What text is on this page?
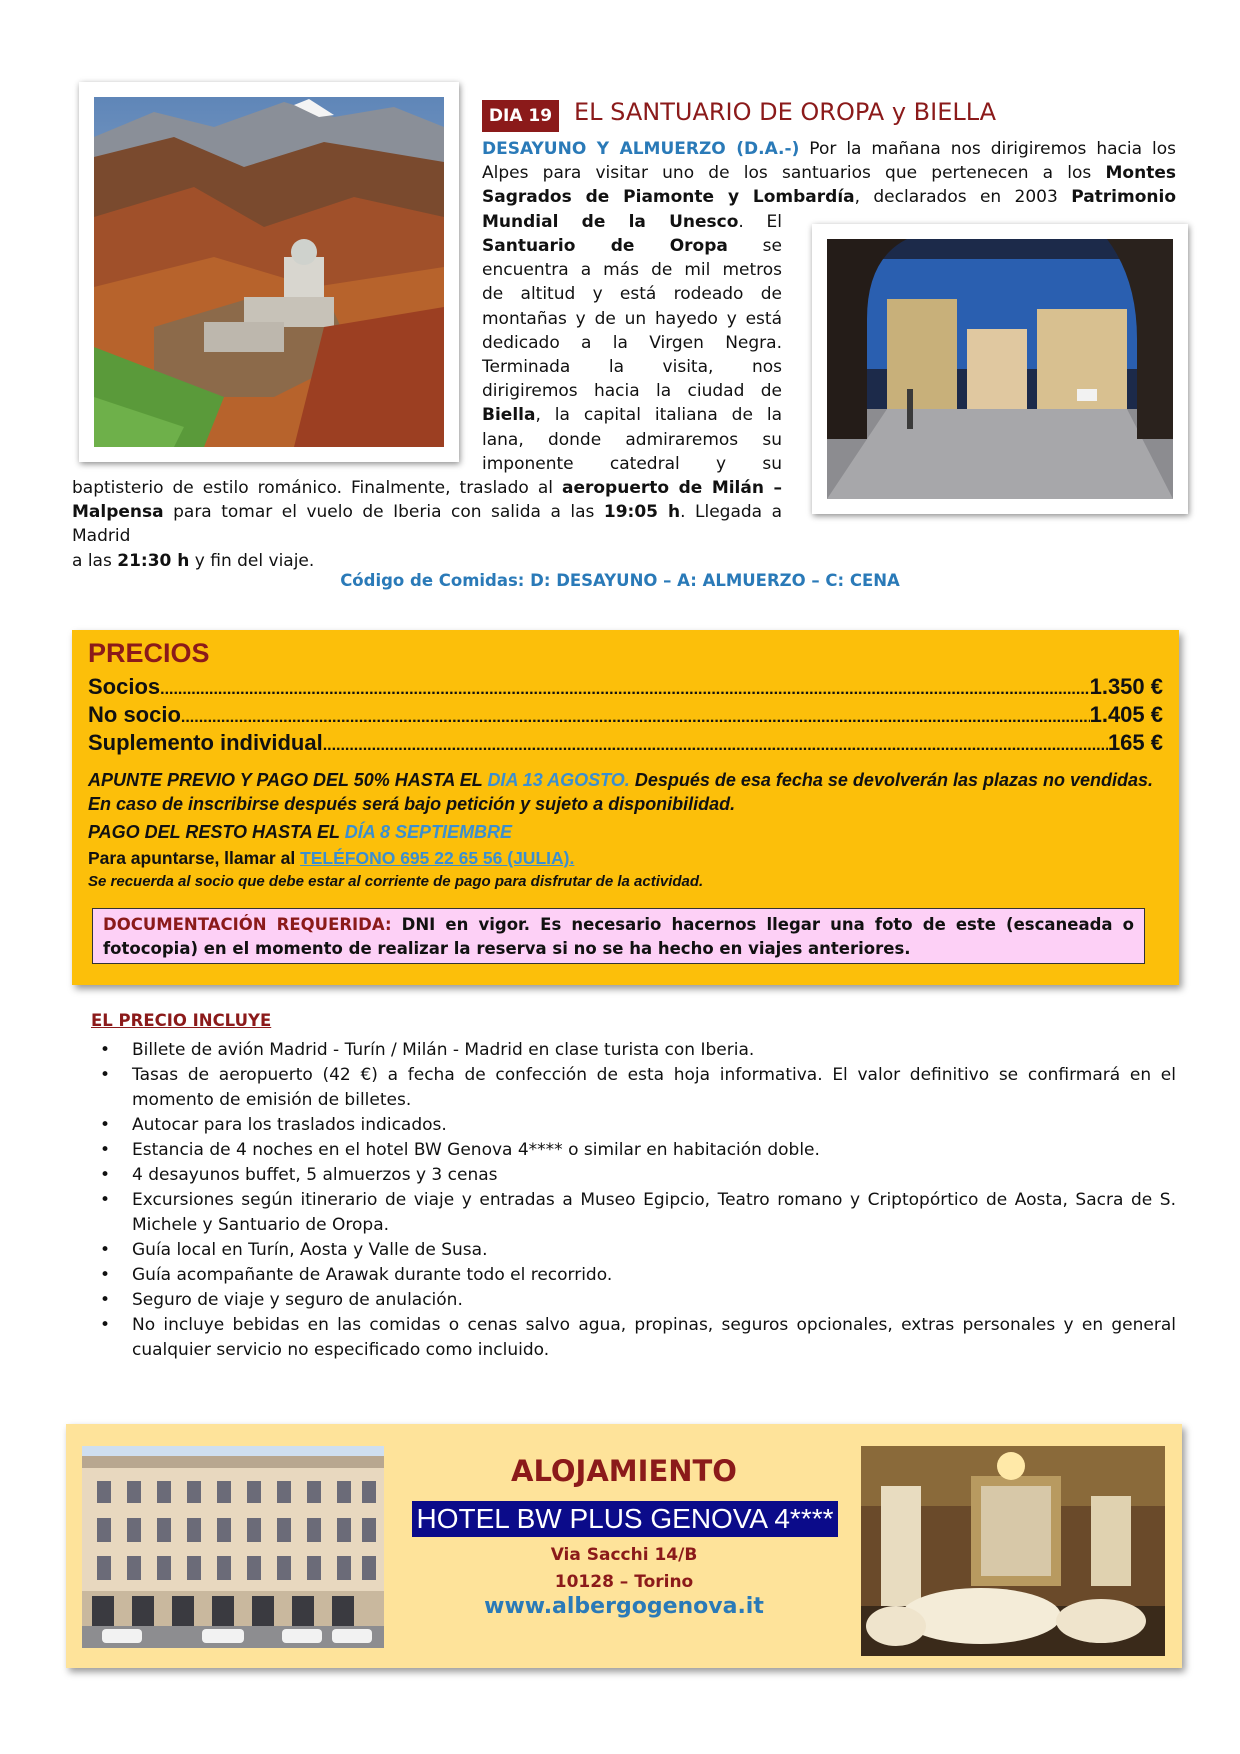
DIA 19 EL SANTUARIO DE OROPA y BIELLA
DESAYUNO Y ALMUERZO (D.A.-) Por la mañana nos dirigiremos hacia los
Alpes para visitar uno de los santuarios que pertenecen a los Montes
Sagrados de Piamonte y Lombardía, declarados en 2003 Patrimonio
Mundial de la Unesco. El
Santuario de Oropa se
encuentra a más de mil metros
de altitud y está rodeado de
montañas y de un hayedo y está
dedicado a la Virgen Negra.
Terminada la visita, nos
dirigiremos hacia la ciudad de
Biella, la capital italiana de la
lana, donde admiraremos su
imponente catedral y su
baptisterio de estilo románico. Finalmente, traslado al aeropuerto de Milán –
Malpensa para tomar el vuelo de Iberia con salida a las 19:05 h. Llegada a Madrid
a las 21:30 h y fin del viaje.
Código de Comidas: D: DESAYUNO – A: ALMUERZO – C: CENA
PRECIOS
Socios .....	1.350 €
No socio .....	1.405 €
Suplemento individual .....	165 €
APUNTE PREVIO Y PAGO DEL 50% HASTA EL DIA 13 AGOSTO. Después de esa fecha se devolverán las plazas no vendidas. En caso de inscribirse después será bajo petición y sujeto a disponibilidad.
PAGO DEL RESTO HASTA EL DÍA 8 SEPTIEMBRE
Para apuntarse, llamar al TELÉFONO 695 22 65 56 (JULIA).
Se recuerda al socio que debe estar al corriente de pago para disfrutar de la actividad.
DOCUMENTACIÓN REQUERIDA: DNI en vigor. Es necesario hacernos llegar una foto de este (escaneada o fotocopia) en el momento de realizar la reserva si no se ha hecho en viajes anteriores.
EL PRECIO INCLUYE
• Billete de avión Madrid - Turín / Milán - Madrid en clase turista con Iberia.
• Tasas de aeropuerto (42 €) a fecha de confección de esta hoja informativa. El valor definitivo se confirmará en el momento de emisión de billetes.
• Autocar para los traslados indicados.
• Estancia de 4 noches en el hotel BW Genova 4**** o similar en habitación doble.
• 4 desayunos buffet, 5 almuerzos y 3 cenas
• Excursiones según itinerario de viaje y entradas a Museo Egipcio, Teatro romano y Criptopórtico de Aosta, Sacra de S. Michele y Santuario de Oropa.
• Guía local en Turín, Aosta y Valle de Susa.
• Guía acompañante de Arawak durante todo el recorrido.
• Seguro de viaje y seguro de anulación.
• No incluye bebidas en las comidas o cenas salvo agua, propinas, seguros opcionales, extras personales y en general cualquier servicio no especificado como incluido.
ALOJAMIENTO
HOTEL BW PLUS GENOVA 4****
Via Sacchi 14/B
10128 – Torino
www.albergogenova.it
